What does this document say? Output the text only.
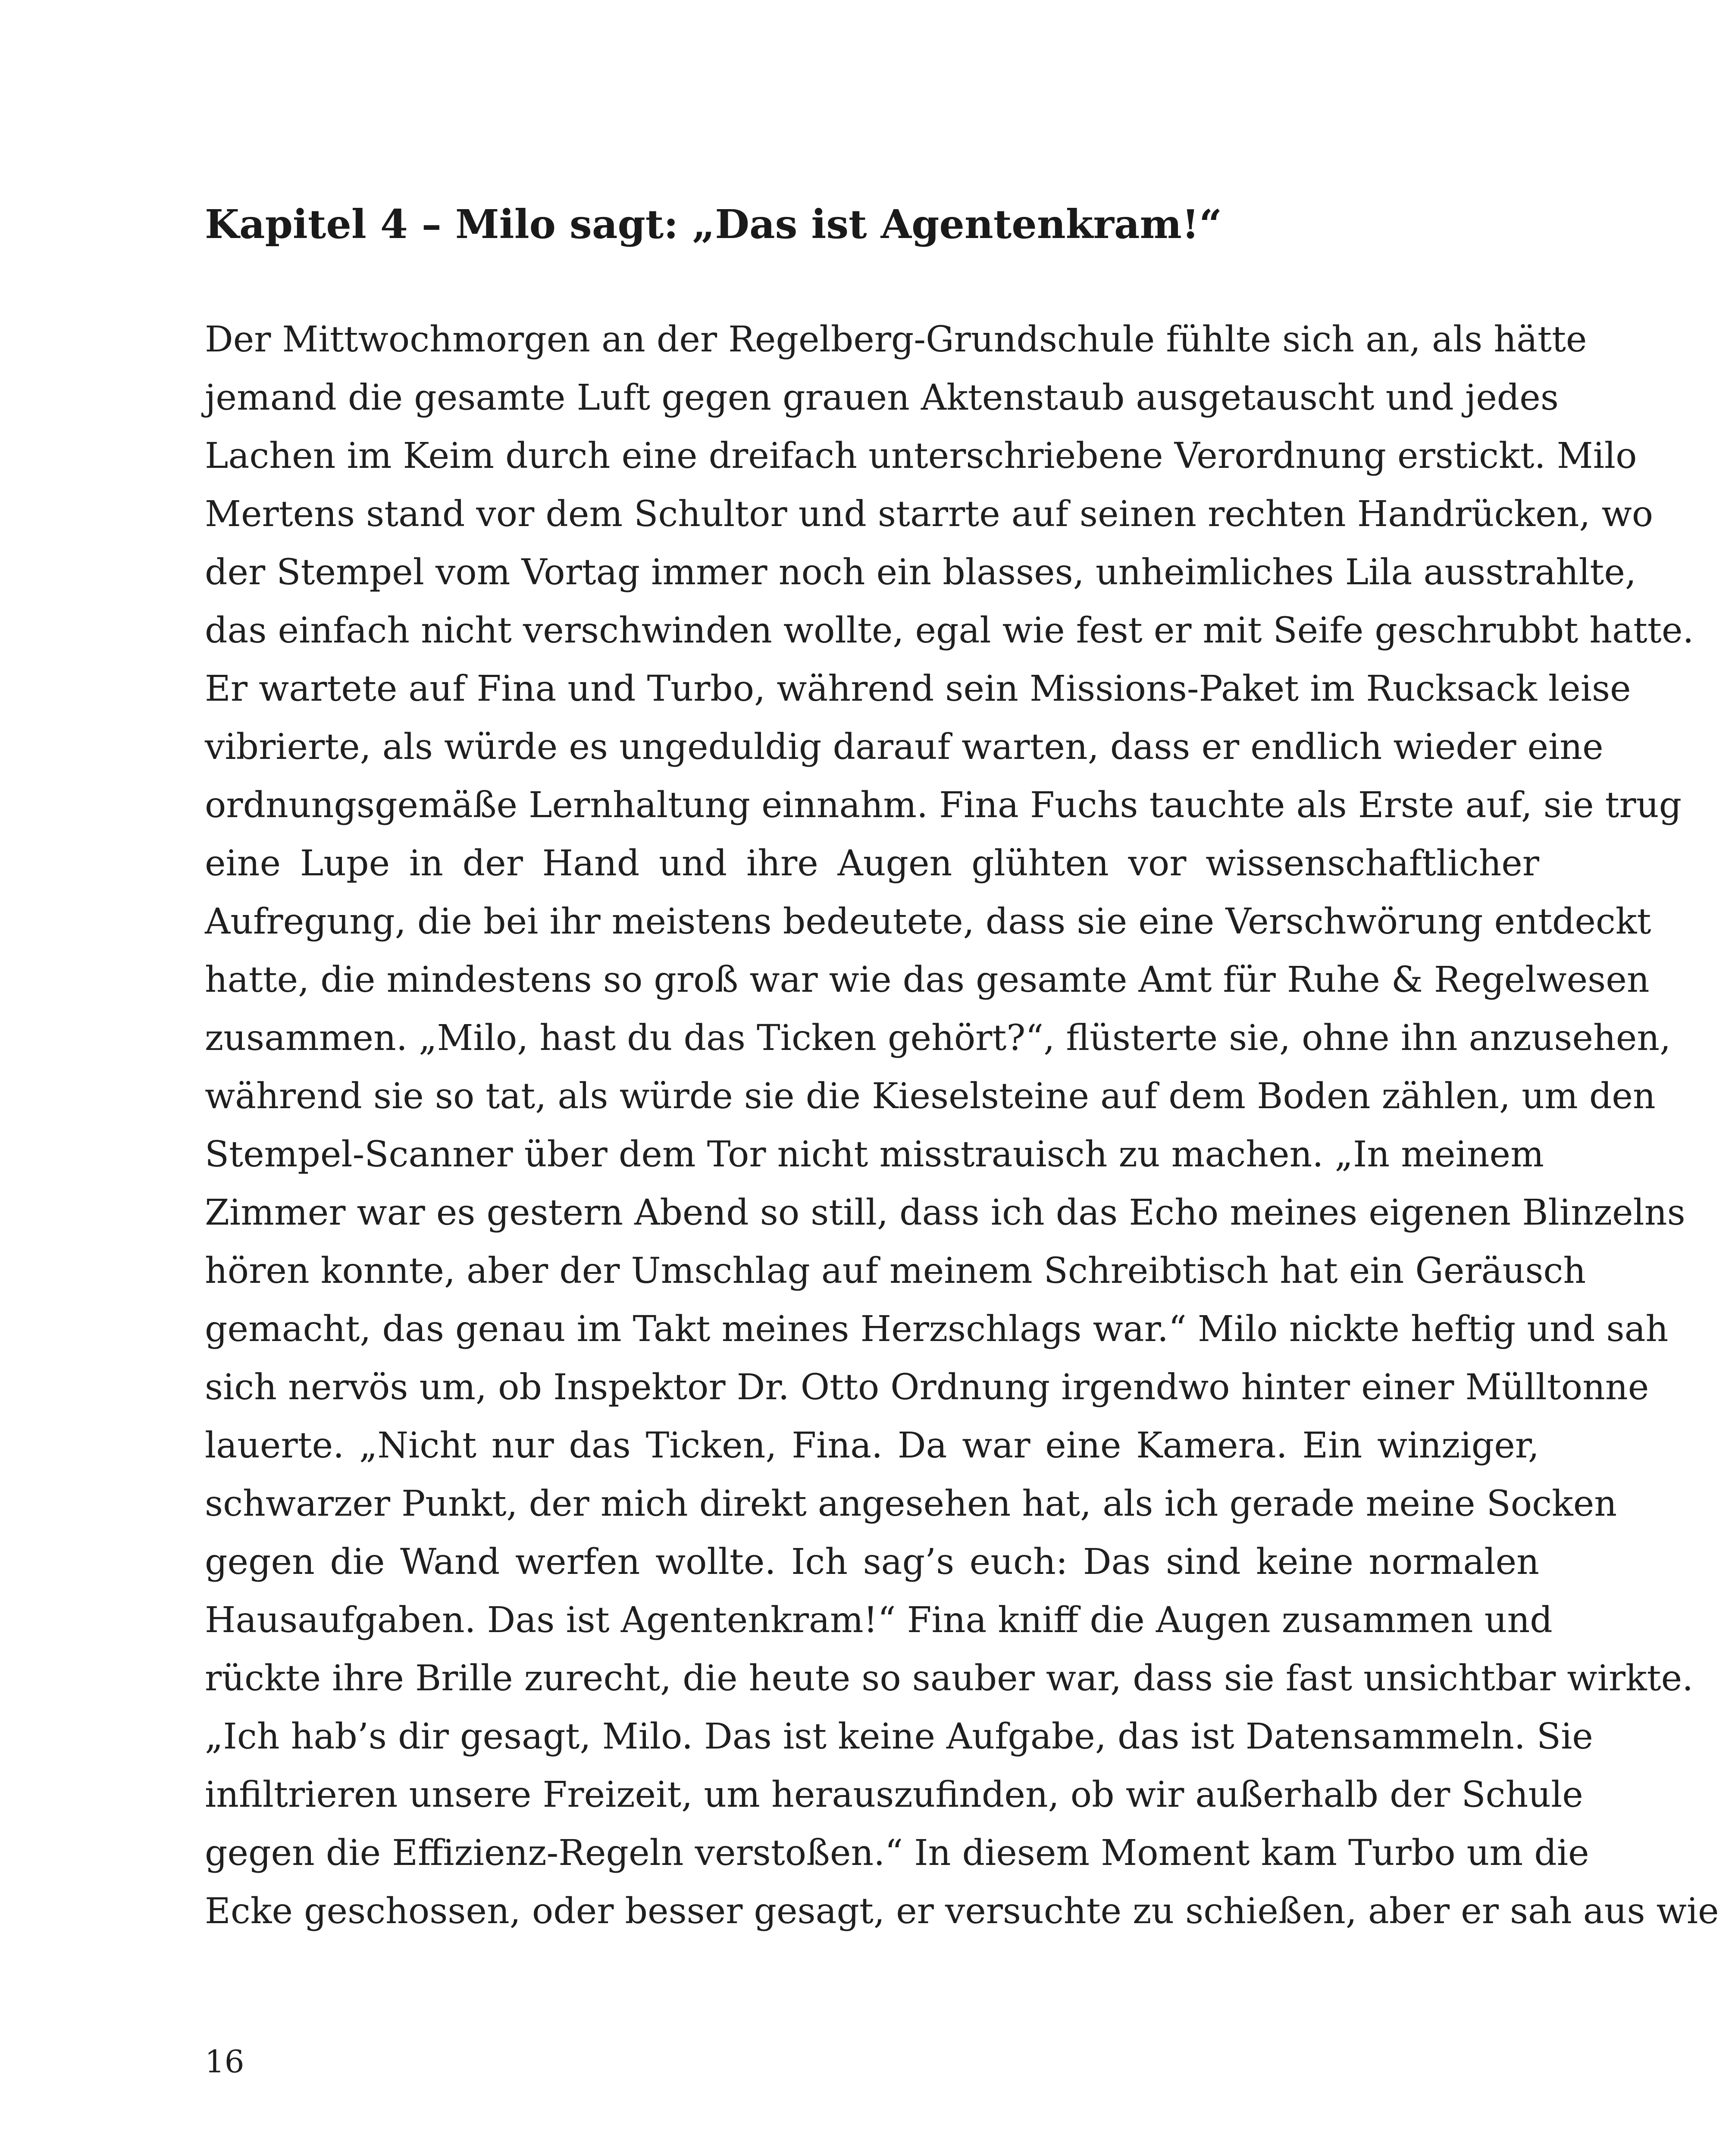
Kapitel 4 – Milo sagt: „Das ist Agentenkram!“
Der Mittwochmorgen an der Regelberg-Grundschule fühlte sich an, als hätte
jemand die gesamte Luft gegen grauen Aktenstaub ausgetauscht und jedes
Lachen im Keim durch eine dreifach unterschriebene Verordnung erstickt. Milo
Mertens stand vor dem Schultor und starrte auf seinen rechten Handrücken, wo
der Stempel vom Vortag immer noch ein blasses, unheimliches Lila ausstrahlte,
das einfach nicht verschwinden wollte, egal wie fest er mit Seife geschrubbt hatte.
Er wartete auf Fina und Turbo, während sein Missions-Paket im Rucksack leise
vibrierte, als würde es ungeduldig darauf warten, dass er endlich wieder eine
ordnungsgemäße Lernhaltung einnahm. Fina Fuchs tauchte als Erste auf, sie trug
eine Lupe in der Hand und ihre Augen glühten vor wissenschaftlicher
Aufregung, die bei ihr meistens bedeutete, dass sie eine Verschwörung entdeckt
hatte, die mindestens so groß war wie das gesamte Amt für Ruhe & Regelwesen
zusammen. „Milo, hast du das Ticken gehört?“, flüsterte sie, ohne ihn anzusehen,
während sie so tat, als würde sie die Kieselsteine auf dem Boden zählen, um den
Stempel-Scanner über dem Tor nicht misstrauisch zu machen. „In meinem
Zimmer war es gestern Abend so still, dass ich das Echo meines eigenen Blinzelns
hören konnte, aber der Umschlag auf meinem Schreibtisch hat ein Geräusch
gemacht, das genau im Takt meines Herzschlags war.“ Milo nickte heftig und sah
sich nervös um, ob Inspektor Dr. Otto Ordnung irgendwo hinter einer Mülltonne
lauerte. „Nicht nur das Ticken, Fina. Da war eine Kamera. Ein winziger,
schwarzer Punkt, der mich direkt angesehen hat, als ich gerade meine Socken
gegen die Wand werfen wollte. Ich sag’s euch: Das sind keine normalen
Hausaufgaben. Das ist Agentenkram!“ Fina kniff die Augen zusammen und
rückte ihre Brille zurecht, die heute so sauber war, dass sie fast unsichtbar wirkte.
„Ich hab’s dir gesagt, Milo. Das ist keine Aufgabe, das ist Datensammeln. Sie
infiltrieren unsere Freizeit, um herauszufinden, ob wir außerhalb der Schule
gegen die Effizienz-Regeln verstoßen.“ In diesem Moment kam Turbo um die
Ecke geschossen, oder besser gesagt, er versuchte zu schießen, aber er sah aus wie
16
